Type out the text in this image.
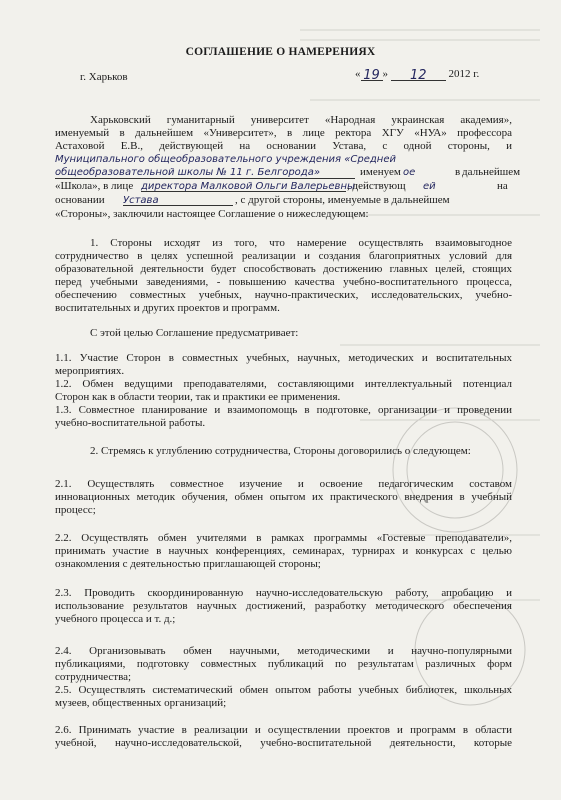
СОГЛАШЕНИЕ О НАМЕРЕНИЯХ
г. Харьков	« 19 » 12 2012 г.
Харьковский гуманитарный университет «Народная украинская академия»,
именуемый в дальнейшем «Университет», в лице ректора ХГУ «НУА» профессора
Астаховой Е.В., действующей на основании Устава, с одной стороны, и
Муниципального общеобразовательного учреждения «Средней
общеобразовательной школы № 11 г. Белгорода»	именуем ое	в дальнейшем
«Школа», в лице директора Малковой Ольги Валерьевны
, действующ ей	на
основании Устава	, с другой стороны, именуемые в дальнейшем
«Стороны», заключили настоящее Соглашение о нижеследующем:
1. Стороны исходят из того, что намерение осуществлять взаимовыгодное
сотрудничество в целях успешной реализации и создания благоприятных условий для
образовательной деятельности будет способствовать достижению главных целей, стоящих
перед учебными заведениями, - повышению качества учебно-воспитательного процесса,
обеспечению совместных учебных, научно-практических, исследовательских, учебно-
воспитательных и других проектов и программ.
С этой целью Соглашение предусматривает:
1.1. Участие Сторон в совместных учебных, научных, методических и воспитательных
мероприятиях.
1.2. Обмен ведущими преподавателями, составляющими интеллектуальный потенциал
Сторон как в области теории, так и практики ее применения.
1.3. Совместное планирование и взаимопомощь в подготовке, организации и проведении
учебно-воспитательной работы.
2. Стремясь к углублению сотрудничества, Стороны договорились о следующем:
2.1. Осуществлять совместное изучение и освоение педагогическим составом
инновационных методик обучения, обмен опытом их практического внедрения в учебный
процесс;
2.2. Осуществлять обмен учителями в рамках программы «Гостевые преподаватели»,
принимать участие в научных конференциях, семинарах, турнирах и конкурсах с целью
ознакомления с деятельностью приглашающей стороны;
2.3. Проводить скоординированную научно-исследовательскую работу, апробацию и
использование результатов научных достижений, разработку методического обеспечения
учебного процесса и т. д.;
2.4. Организовывать обмен научными, методическими и научно-популярными
публикациями, подготовку совместных публикаций по результатам различных форм
сотрудничества;
2.5. Осуществлять систематический обмен опытом работы учебных библиотек, школьных
музеев, общественных организаций;
2.6. Принимать участие в реализации и осуществлении проектов и программ в области
учебной, научно-исследовательской, учебно-воспитательной деятельности, которые
